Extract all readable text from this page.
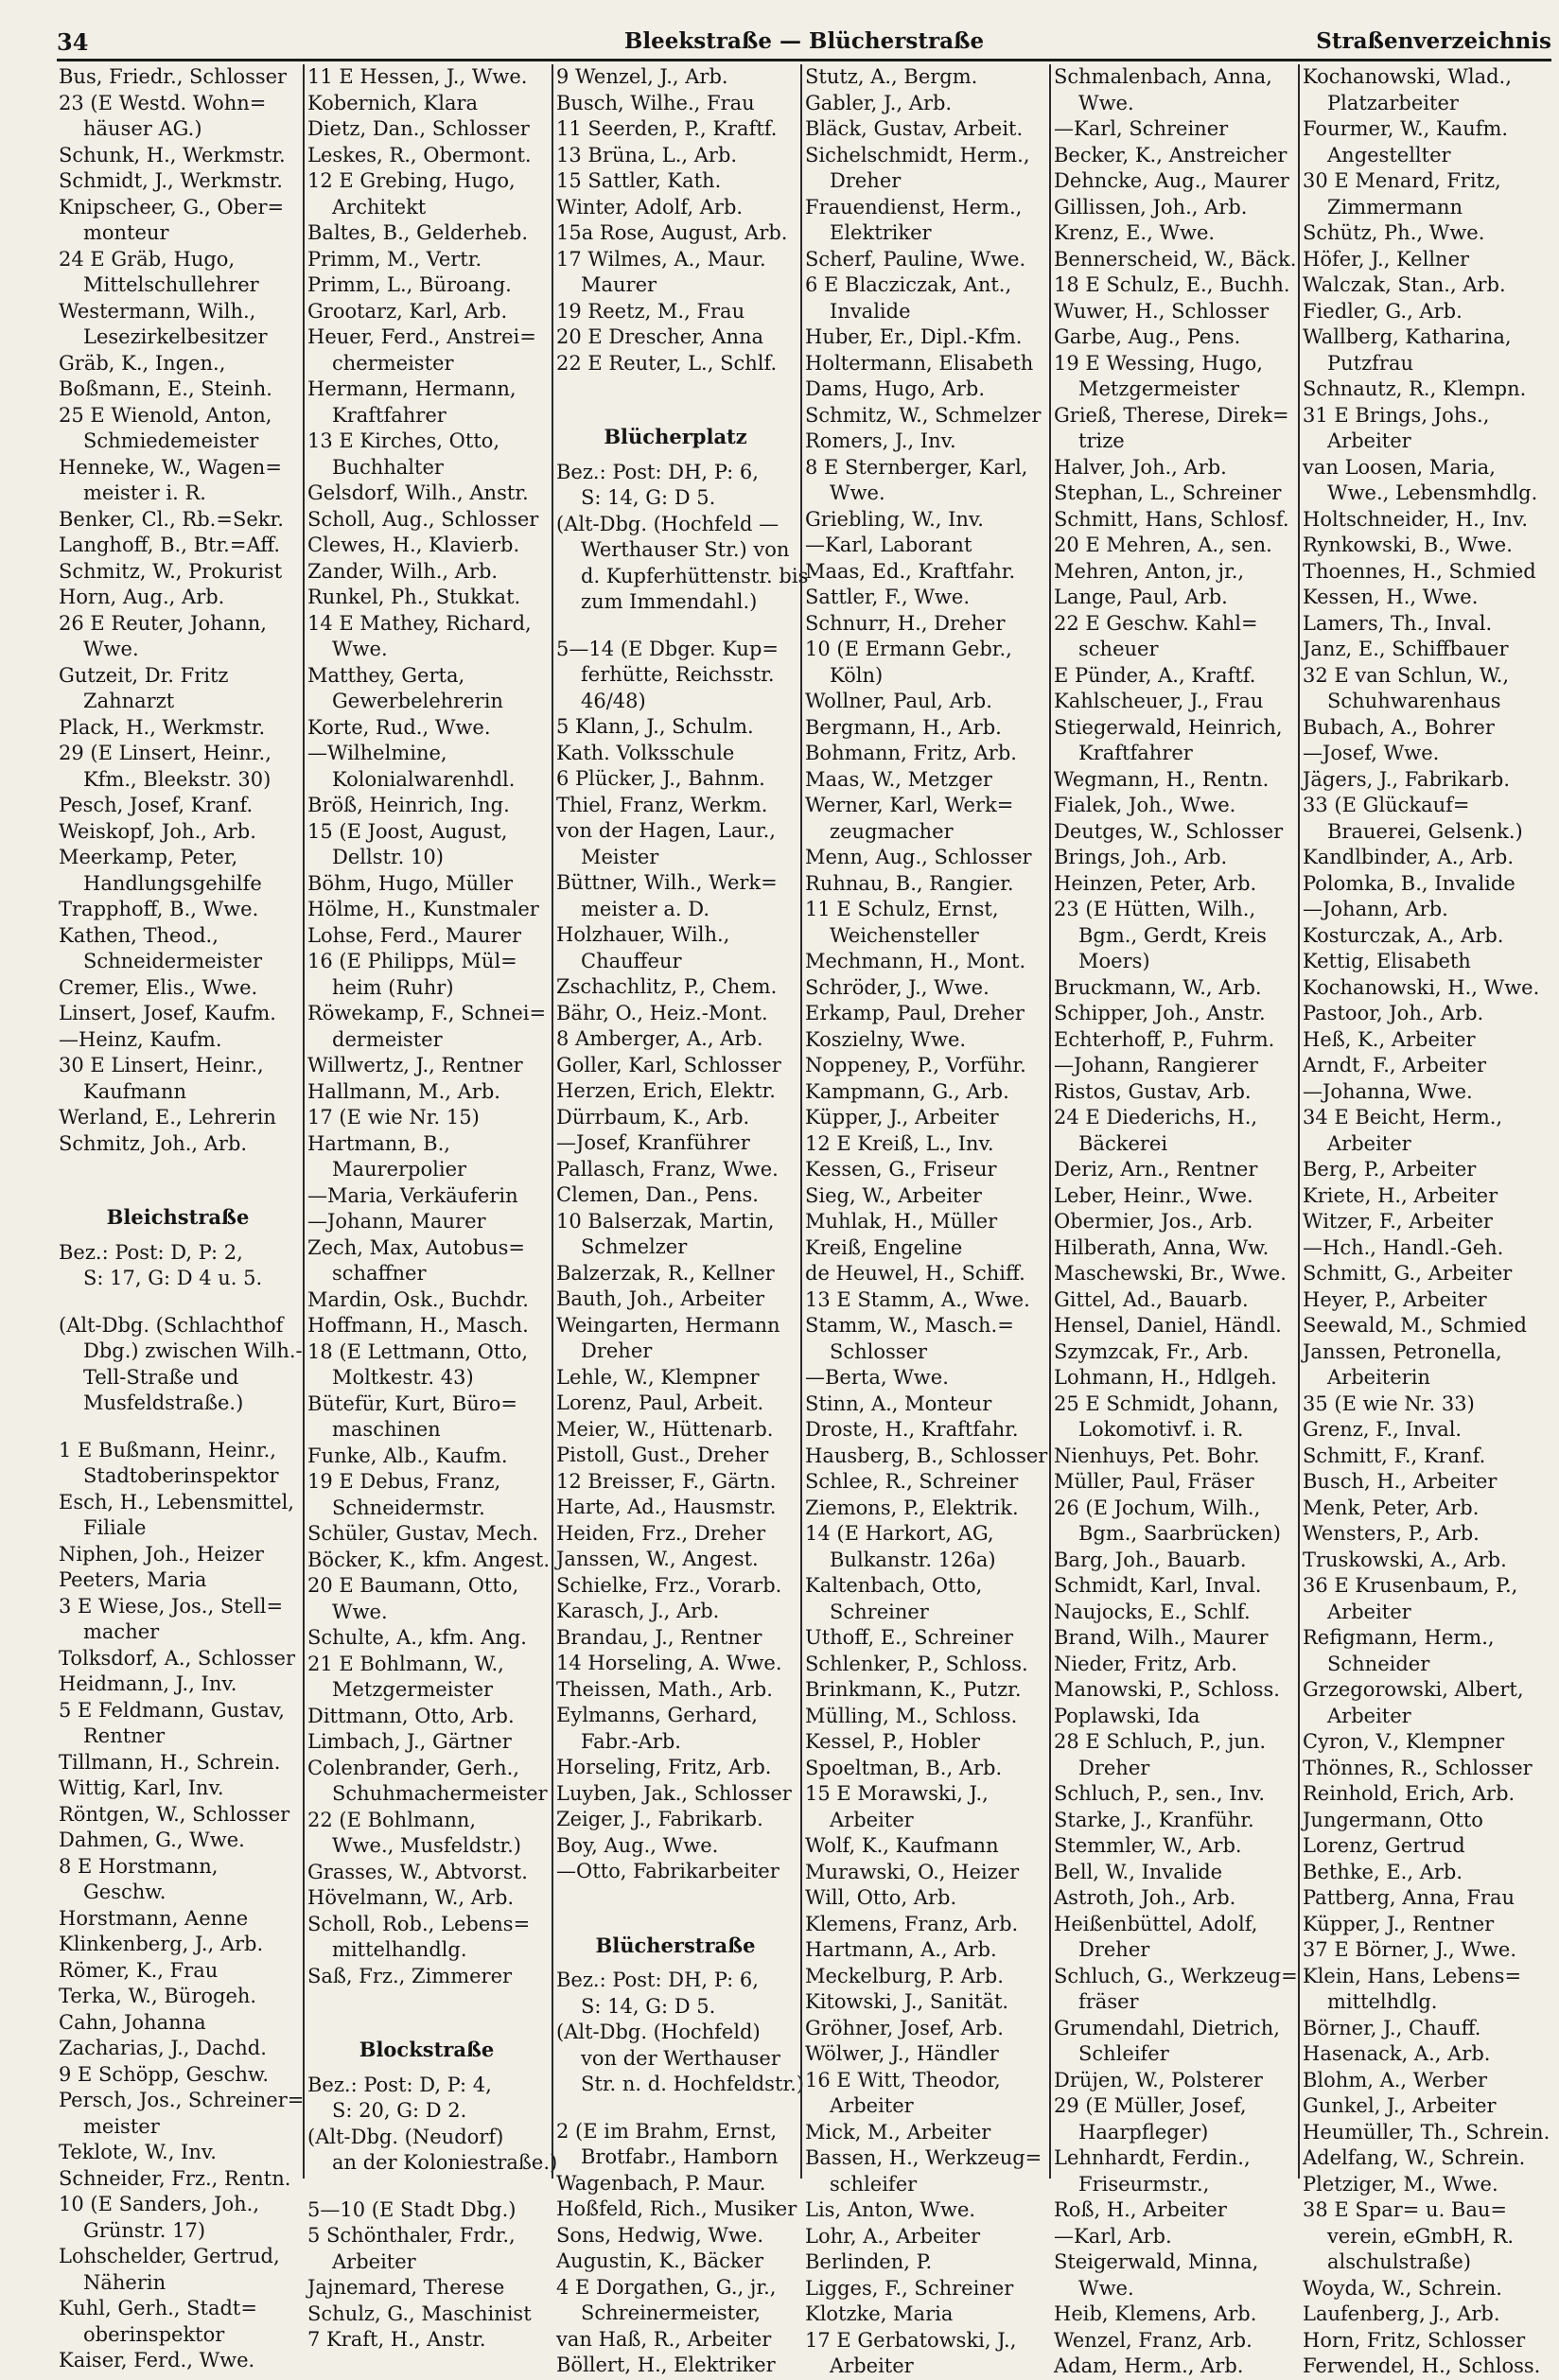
34	Bleekstraße — Blücherstraße	Straßenverzeichnis
Bus, Friedr., Schlosser
23 (E Westd. Wohn=
häuser AG.)
Schunk, H., Werkmstr.
Schmidt, J., Werkmstr.
Knipscheer, G., Ober=
monteur
24 E Gräb, Hugo,
Mittelschullehrer
Westermann, Wilh.,
Lesezirkelbesitzer
Gräb, K., Ingen.,
Boßmann, E., Steinh.
25 E Wienold, Anton,
Schmiedemeister
Henneke, W., Wagen=
meister i. R.
Benker, Cl., Rb.=Sekr.
Langhoff, B., Btr.=Aff.
Schmitz, W., Prokurist
Horn, Aug., Arb.
26 E Reuter, Johann,
Wwe.
Gutzeit, Dr. Fritz
Zahnarzt
Plack, H., Werkmstr.
29 (E Linsert, Heinr.,
Kfm., Bleekstr. 30)
Pesch, Josef, Kranf.
Weiskopf, Joh., Arb.
Meerkamp, Peter,
Handlungsgehilfe
Trapphoff, B., Wwe.
Kathen, Theod.,
Schneidermeister
Cremer, Elis., Wwe.
Linsert, Josef, Kaufm.
—Heinz, Kaufm.
30 E Linsert, Heinr.,
Kaufmann
Werland, E., Lehrerin
Schmitz, Joh., Arb.
Bleichstraße
Bez.: Post: D, P: 2,
S: 17, G: D 4 u. 5.
(Alt-Dbg. (Schlachthof
Dbg.) zwischen Wilh.-
Tell-Straße und
Musfeldstraße.)
1 E Bußmann, Heinr.,
Stadtoberinspektor
Esch, H., Lebensmittel,
Filiale
Niphen, Joh., Heizer
Peeters, Maria
3 E Wiese, Jos., Stell=
macher
Tolksdorf, A., Schlosser
Heidmann, J., Inv.
5 E Feldmann, Gustav,
Rentner
Tillmann, H., Schrein.
Wittig, Karl, Inv.
Röntgen, W., Schlosser
Dahmen, G., Wwe.
8 E Horstmann,
Geschw.
Horstmann, Aenne
Klinkenberg, J., Arb.
Römer, K., Frau
Terka, W., Bürogeh.
Cahn, Johanna
Zacharias, J., Dachd.
9 E Schöpp, Geschw.
Persch, Jos., Schreiner=
meister
Teklote, W., Inv.
Schneider, Frz., Rentn.
10 (E Sanders, Joh.,
Grünstr. 17)
Lohschelder, Gertrud,
Näherin
Kuhl, Gerh., Stadt=
oberinspektor
Kaiser, Ferd., Wwe.
11 E Hessen, J., Wwe.
Kobernich, Klara
Dietz, Dan., Schlosser
Leskes, R., Obermont.
12 E Grebing, Hugo,
Architekt
Baltes, B., Gelderheb.
Primm, M., Vertr.
Primm, L., Büroang.
Grootarz, Karl, Arb.
Heuer, Ferd., Anstrei=
chermeister
Hermann, Hermann,
Kraftfahrer
13 E Kirches, Otto,
Buchhalter
Gelsdorf, Wilh., Anstr.
Scholl, Aug., Schlosser
Clewes, H., Klavierb.
Zander, Wilh., Arb.
Runkel, Ph., Stukkat.
14 E Mathey, Richard,
Wwe.
Matthey, Gerta,
Gewerbelehrerin
Korte, Rud., Wwe.
—Wilhelmine,
Kolonialwarenhdl.
Bröß, Heinrich, Ing.
15 (E Joost, August,
Dellstr. 10)
Böhm, Hugo, Müller
Hölme, H., Kunstmaler
Lohse, Ferd., Maurer
16 (E Philipps, Mül=
heim (Ruhr)
Röwekamp, F., Schnei=
dermeister
Willwertz, J., Rentner
Hallmann, M., Arb.
17 (E wie Nr. 15)
Hartmann, B.,
Maurerpolier
—Maria, Verkäuferin
—Johann, Maurer
Zech, Max, Autobus=
schaffner
Mardin, Osk., Buchdr.
Hoffmann, H., Masch.
18 (E Lettmann, Otto,
Moltkestr. 43)
Bütefür, Kurt, Büro=
maschinen
Funke, Alb., Kaufm.
19 E Debus, Franz,
Schneidermstr.
Schüler, Gustav, Mech.
Böcker, K., kfm. Angest.
20 E Baumann, Otto,
Wwe.
Schulte, A., kfm. Ang.
21 E Bohlmann, W.,
Metzgermeister
Dittmann, Otto, Arb.
Limbach, J., Gärtner
Colenbrander, Gerh.,
Schuhmachermeister
22 (E Bohlmann,
Wwe., Musfeldstr.)
Grasses, W., Abtvorst.
Hövelmann, W., Arb.
Scholl, Rob., Lebens=
mittelhandlg.
Saß, Frz., Zimmerer
Blockstraße
Bez.: Post: D, P: 4,
S: 20, G: D 2.
(Alt-Dbg. (Neudorf)
an der Koloniestraße.)
5—10 (E Stadt Dbg.)
5 Schönthaler, Frdr.,
Arbeiter
Jajnemard, Therese
Schulz, G., Maschinist
7 Kraft, H., Anstr.
9 Wenzel, J., Arb.
Busch, Wilhe., Frau
11 Seerden, P., Kraftf.
13 Brüna, L., Arb.
15 Sattler, Kath.
Winter, Adolf, Arb.
15a Rose, August, Arb.
17 Wilmes, A., Maur.
Maurer
19 Reetz, M., Frau
20 E Drescher, Anna
22 E Reuter, L., Schlf.
Blücherplatz
Bez.: Post: DH, P: 6,
S: 14, G: D 5.
(Alt-Dbg. (Hochfeld —
Werthauser Str.) von
d. Kupferhüttenstr. bis
zum Immendahl.)
5—14 (E Dbger. Kup=
ferhütte, Reichsstr.
46/48)
5 Klann, J., Schulm.
Kath. Volksschule
6 Plücker, J., Bahnm.
Thiel, Franz, Werkm.
von der Hagen, Laur.,
Meister
Büttner, Wilh., Werk=
meister a. D.
Holzhauer, Wilh.,
Chauffeur
Zschachlitz, P., Chem.
Bähr, O., Heiz.-Mont.
8 Amberger, A., Arb.
Goller, Karl, Schlosser
Herzen, Erich, Elektr.
Dürrbaum, K., Arb.
—Josef, Kranführer
Pallasch, Franz, Wwe.
Clemen, Dan., Pens.
10 Balserzak, Martin,
Schmelzer
Balzerzak, R., Kellner
Bauth, Joh., Arbeiter
Weingarten, Hermann
Dreher
Lehle, W., Klempner
Lorenz, Paul, Arbeit.
Meier, W., Hüttenarb.
Pistoll, Gust., Dreher
12 Breisser, F., Gärtn.
Harte, Ad., Hausmstr.
Heiden, Frz., Dreher
Janssen, W., Angest.
Schielke, Frz., Vorarb.
Karasch, J., Arb.
Brandau, J., Rentner
14 Horseling, A. Wwe.
Theissen, Math., Arb.
Eylmanns, Gerhard,
Fabr.-Arb.
Horseling, Fritz, Arb.
Luyben, Jak., Schlosser
Zeiger, J., Fabrikarb.
Boy, Aug., Wwe.
—Otto, Fabrikarbeiter
Blücherstraße
Bez.: Post: DH, P: 6,
S: 14, G: D 5.
(Alt-Dbg. (Hochfeld)
von der Werthauser
Str. n. d. Hochfeldstr.)
2 (E im Brahm, Ernst,
Brotfabr., Hamborn
Wagenbach, P. Maur.
Hoßfeld, Rich., Musiker
Sons, Hedwig, Wwe.
Augustin, K., Bäcker
4 E Dorgathen, G., jr.,
Schreinermeister,
van Haß, R., Arbeiter
Böllert, H., Elektriker
Stutz, A., Bergm.
Gabler, J., Arb.
Bläck, Gustav, Arbeit.
Sichelschmidt, Herm.,
Dreher
Frauendienst, Herm.,
Elektriker
Scherf, Pauline, Wwe.
6 E Blacziczak, Ant.,
Invalide
Huber, Er., Dipl.-Kfm.
Holtermann, Elisabeth
Dams, Hugo, Arb.
Schmitz, W., Schmelzer
Romers, J., Inv.
8 E Sternberger, Karl,
Wwe.
Griebling, W., Inv.
—Karl, Laborant
Maas, Ed., Kraftfahr.
Sattler, F., Wwe.
Schnurr, H., Dreher
10 (E Ermann Gebr.,
Köln)
Wollner, Paul, Arb.
Bergmann, H., Arb.
Bohmann, Fritz, Arb.
Maas, W., Metzger
Werner, Karl, Werk=
zeugmacher
Menn, Aug., Schlosser
Ruhnau, B., Rangier.
11 E Schulz, Ernst,
Weichensteller
Mechmann, H., Mont.
Schröder, J., Wwe.
Erkamp, Paul, Dreher
Koszielny, Wwe.
Noppeney, P., Vorführ.
Kampmann, G., Arb.
Küpper, J., Arbeiter
12 E Kreiß, L., Inv.
Kessen, G., Friseur
Sieg, W., Arbeiter
Muhlak, H., Müller
Kreiß, Engeline
de Heuwel, H., Schiff.
13 E Stamm, A., Wwe.
Stamm, W., Masch.=
Schlosser
—Berta, Wwe.
Stinn, A., Monteur
Droste, H., Kraftfahr.
Hausberg, B., Schlosser
Schlee, R., Schreiner
Ziemons, P., Elektrik.
14 (E Harkort, AG,
Bulkanstr. 126a)
Kaltenbach, Otto,
Schreiner
Uthoff, E., Schreiner
Schlenker, P., Schloss.
Brinkmann, K., Putzr.
Mülling, M., Schloss.
Kessel, P., Hobler
Spoeltman, B., Arb.
15 E Morawski, J.,
Arbeiter
Wolf, K., Kaufmann
Murawski, O., Heizer
Will, Otto, Arb.
Klemens, Franz, Arb.
Hartmann, A., Arb.
Meckelburg, P. Arb.
Kitowski, J., Sanität.
Gröhner, Josef, Arb.
Wölwer, J., Händler
16 E Witt, Theodor,
Arbeiter
Mick, M., Arbeiter
Bassen, H., Werkzeug=
schleifer
Lis, Anton, Wwe.
Lohr, A., Arbeiter
Berlinden, P.
Ligges, F., Schreiner
Klotzke, Maria
17 E Gerbatowski, J.,
Arbeiter
Schmalenbach, Anna,
Wwe.
—Karl, Schreiner
Becker, K., Anstreicher
Dehncke, Aug., Maurer
Gillissen, Joh., Arb.
Krenz, E., Wwe.
Bennerscheid, W., Bäck.
18 E Schulz, E., Buchh.
Wuwer, H., Schlosser
Garbe, Aug., Pens.
19 E Wessing, Hugo,
Metzgermeister
Grieß, Therese, Direk=
trize
Halver, Joh., Arb.
Stephan, L., Schreiner
Schmitt, Hans, Schlosf.
20 E Mehren, A., sen.
Mehren, Anton, jr.,
Lange, Paul, Arb.
22 E Geschw. Kahl=
scheuer
E Pünder, A., Kraftf.
Kahlscheuer, J., Frau
Stiegerwald, Heinrich,
Kraftfahrer
Wegmann, H., Rentn.
Fialek, Joh., Wwe.
Deutges, W., Schlosser
Brings, Joh., Arb.
Heinzen, Peter, Arb.
23 (E Hütten, Wilh.,
Bgm., Gerdt, Kreis
Moers)
Bruckmann, W., Arb.
Schipper, Joh., Anstr.
Echterhoff, P., Fuhrm.
—Johann, Rangierer
Ristos, Gustav, Arb.
24 E Diederichs, H.,
Bäckerei
Deriz, Arn., Rentner
Leber, Heinr., Wwe.
Obermier, Jos., Arb.
Hilberath, Anna, Ww.
Maschewski, Br., Wwe.
Gittel, Ad., Bauarb.
Hensel, Daniel, Händl.
Szymzcak, Fr., Arb.
Lohmann, H., Hdlgeh.
25 E Schmidt, Johann,
Lokomotivf. i. R.
Nienhuys, Pet. Bohr.
Müller, Paul, Fräser
26 (E Jochum, Wilh.,
Bgm., Saarbrücken)
Barg, Joh., Bauarb.
Schmidt, Karl, Inval.
Naujocks, E., Schlf.
Brand, Wilh., Maurer
Nieder, Fritz, Arb.
Manowski, P., Schloss.
Poplawski, Ida
28 E Schluch, P., jun.
Dreher
Schluch, P., sen., Inv.
Starke, J., Kranführ.
Stemmler, W., Arb.
Bell, W., Invalide
Astroth, Joh., Arb.
Heißenbüttel, Adolf,
Dreher
Schluch, G., Werkzeug=
fräser
Grumendahl, Dietrich,
Schleifer
Drüjen, W., Polsterer
29 (E Müller, Josef,
Haarpfleger)
Lehnhardt, Ferdin.,
Friseurmstr.,
Roß, H., Arbeiter
—Karl, Arb.
Steigerwald, Minna,
Wwe.
Heib, Klemens, Arb.
Wenzel, Franz, Arb.
Adam, Herm., Arb.
Kochanowski, Wlad.,
Platzarbeiter
Fourmer, W., Kaufm.
Angestellter
30 E Menard, Fritz,
Zimmermann
Schütz, Ph., Wwe.
Höfer, J., Kellner
Walczak, Stan., Arb.
Fiedler, G., Arb.
Wallberg, Katharina,
Putzfrau
Schnautz, R., Klempn.
31 E Brings, Johs.,
Arbeiter
van Loosen, Maria,
Wwe., Lebensmhdlg.
Holtschneider, H., Inv.
Rynkowski, B., Wwe.
Thoennes, H., Schmied
Kessen, H., Wwe.
Lamers, Th., Inval.
Janz, E., Schiffbauer
32 E van Schlun, W.,
Schuhwarenhaus
Bubach, A., Bohrer
—Josef, Wwe.
Jägers, J., Fabrikarb.
33 (E Glückauf=
Brauerei, Gelsenk.)
Kandlbinder, A., Arb.
Polomka, B., Invalide
—Johann, Arb.
Kosturczak, A., Arb.
Kettig, Elisabeth
Kochanowski, H., Wwe.
Pastoor, Joh., Arb.
Heß, K., Arbeiter
Arndt, F., Arbeiter
—Johanna, Wwe.
34 E Beicht, Herm.,
Arbeiter
Berg, P., Arbeiter
Kriete, H., Arbeiter
Witzer, F., Arbeiter
—Hch., Handl.-Geh.
Schmitt, G., Arbeiter
Heyer, P., Arbeiter
Seewald, M., Schmied
Janssen, Petronella,
Arbeiterin
35 (E wie Nr. 33)
Grenz, F., Inval.
Schmitt, F., Kranf.
Busch, H., Arbeiter
Menk, Peter, Arb.
Wensters, P., Arb.
Truskowski, A., Arb.
36 E Krusenbaum, P.,
Arbeiter
Refigmann, Herm.,
Schneider
Grzegorowski, Albert,
Arbeiter
Cyron, V., Klempner
Thönnes, R., Schlosser
Reinhold, Erich, Arb.
Jungermann, Otto
Lorenz, Gertrud
Bethke, E., Arb.
Pattberg, Anna, Frau
Küpper, J., Rentner
37 E Börner, J., Wwe.
Klein, Hans, Lebens=
mittelhdlg.
Börner, J., Chauff.
Hasenack, A., Arb.
Blohm, A., Werber
Gunkel, J., Arbeiter
Heumüller, Th., Schrein.
Adelfang, W., Schrein.
Pletziger, M., Wwe.
38 E Spar= u. Bau=
verein, eGmbH, R.
alschulstraße)
Woyda, W., Schrein.
Laufenberg, J., Arb.
Horn, Fritz, Schlosser
Ferwendel, H., Schloss.
